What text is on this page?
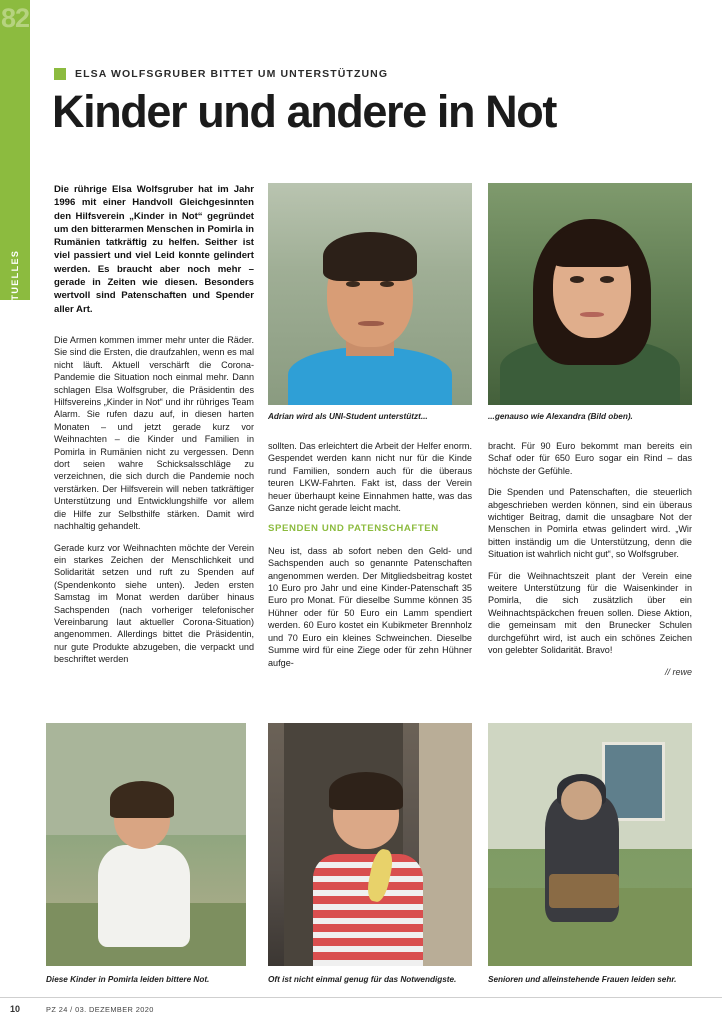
82
AKTUELLES
ELSA WOLFSGRUBER BITTET UM UNTERSTÜTZUNG
Kinder und andere in Not
Die rührige Elsa Wolfsgruber hat im Jahr 1996 mit einer Handvoll Gleichgesinnten den Hilfsverein „Kinder in Not“ gegründet um den bitterarmen Menschen in Pomirla in Rumänien tatkräftig zu helfen. Seither ist viel passiert und viel Leid konnte gelindert werden. Es braucht aber noch mehr – gerade in Zeiten wie diesen. Besonders wertvoll sind Patenschaften und Spender aller Art.
Adrian wird als UNI-Student unterstützt...	...genauso wie Alexandra (Bild oben).

Die Armen kommen immer mehr unter die Räder. Sie sind die Ersten, die draufzahlen, wenn es mal nicht läuft. Aktuell verschärft die Corona-Pandemie die Situation noch einmal mehr. Dann schlagen Elsa Wolfsgruber, die Präsidentin des Hilfsvereins „Kinder in Not“ und ihr rühriges Team Alarm. Sie rufen dazu auf, in diesen harten Monaten – und jetzt gerade kurz vor Weihnachten – die Kinder und Familien in Pomirla in Rumänien nicht zu vergessen. Denn dort seien wahre Schicksalsschläge zu verzeichnen, die sich durch die Pandemie noch verstärken. Der Hilfsverein will neben tatkräftiger Unterstützung und Entwicklungshilfe vor allem die Hilfe zur Selbsthilfe stärken. Damit wird nachhaltig gehandelt.

Gerade kurz vor Weihnachten möchte der Verein ein starkes Zeichen der Menschlichkeit und Solidarität setzen und ruft zu Spenden auf (Spendenkonto siehe unten). Jeden ersten Samstag im Monat werden darüber hinaus Sachspenden (nach vorheriger telefonischer Vereinbarung laut aktueller Corona-Situation) angenommen. Allerdings bittet die Präsidentin, nur gute Produkte abzugeben, die verpackt und beschriftet werden

sollten. Das erleichtert die Arbeit der Helfer enorm. Gespendet werden kann nicht nur für die Kinde rund Familien, sondern auch für die überaus teuren LKW-Fahrten. Fakt ist, dass der Verein heuer überhaupt keine Einnahmen hatte, was das Ganze nicht gerade leicht macht.

SPENDEN UND PATENSCHAFTEN

Neu ist, dass ab sofort neben den Geld- und Sachspenden auch so genannte Patenschaften angenommen werden. Der Mitgliedsbeitrag kostet 10 Euro pro Jahr und eine Kinder-Patenschaft 35 Euro pro Monat. Für dieselbe Summe können 35 Hühner oder für 50 Euro ein Lamm spendiert werden. 60 Euro kostet ein Kubikmeter Brennholz und 70 Euro ein kleines Schweinchen. Dieselbe Summe wird für eine Ziege oder für zehn Hühner aufge-

bracht. Für 90 Euro bekommt man bereits ein Schaf oder für 650 Euro sogar ein Rind – das höchste der Gefühle.

Die Spenden und Patenschaften, die steuerlich abgeschrieben werden können, sind ein überaus wichtiger Beitrag, damit die unsagbare Not der Menschen in Pomirla etwas gelindert wird. „Wir bitten inständig um die Unterstützung, denn die Situation ist wahrlich nicht gut“, so Wolfsgruber.

Für die Weihnachtszeit plant der Verein eine weitere Unterstützung für die Waisenkinder in Pomirla, die sich zusätzlich über ein Weihnachtspäckchen freuen sollen. Diese Aktion, die gemeinsam mit den Brunecker Schulen durchgeführt wird, ist auch ein schönes Zeichen von gelebter Solidarität. Bravo!

// rewe

Diese Kinder in Pomirla leiden bittere Not.	Oft ist nicht einmal genug für das Notwendigste.	Senioren und alleinstehende Frauen leiden sehr.
10	PZ 24 / 03. DEZEMBER 2020
